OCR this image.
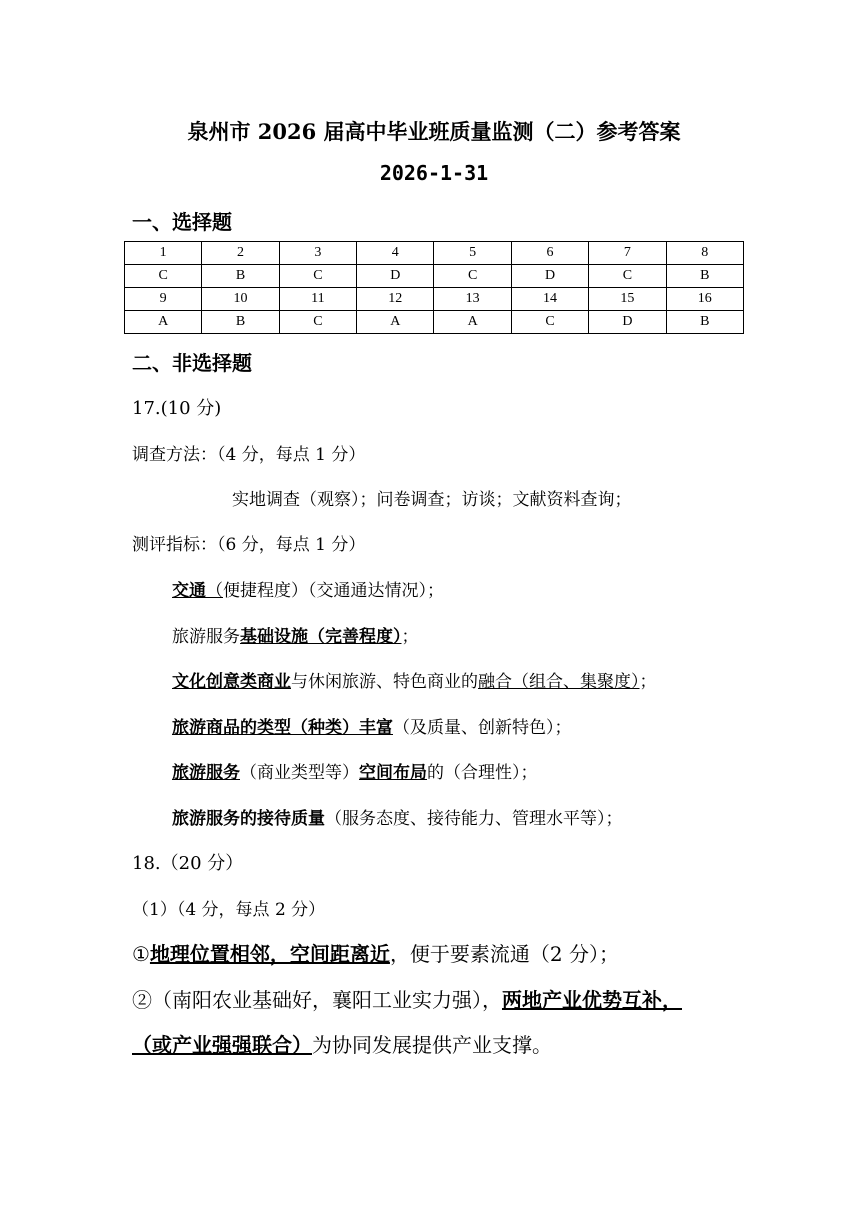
泉州市 2026 届高中毕业班质量监测（二）参考答案
2026-1-31
一、选择题
1	2	3	4	5	6	7	8
C	B	C	D	C	D	C	B
9	10	11	12	13	14	15	16
A	B	C	A	A	C	D	B
二、非选择题
17.(10 分)
调查方法：（4 分，每点 1 分）
实地调查（观察）；问卷调查；访谈；文献资料查询；
测评指标：（6 分，每点 1 分）
交通（便捷程度）（交通通达情况）；
旅游服务基础设施（完善程度）；
文化创意类商业与休闲旅游、特色商业的融合（组合、集聚度）；
旅游商品的类型（种类）丰富（及质量、创新特色）；
旅游服务（商业类型等）空间布局的（合理性）；
旅游服务的接待质量（服务态度、接待能力、管理水平等）；
18.（20 分）
（1）（4 分，每点 2 分）
①地理位置相邻，空间距离近，便于要素流通（2 分）；
②（南阳农业基础好，襄阳工业实力强），两地产业优势互补，
（或产业强强联合）为协同发展提供产业支撑。
